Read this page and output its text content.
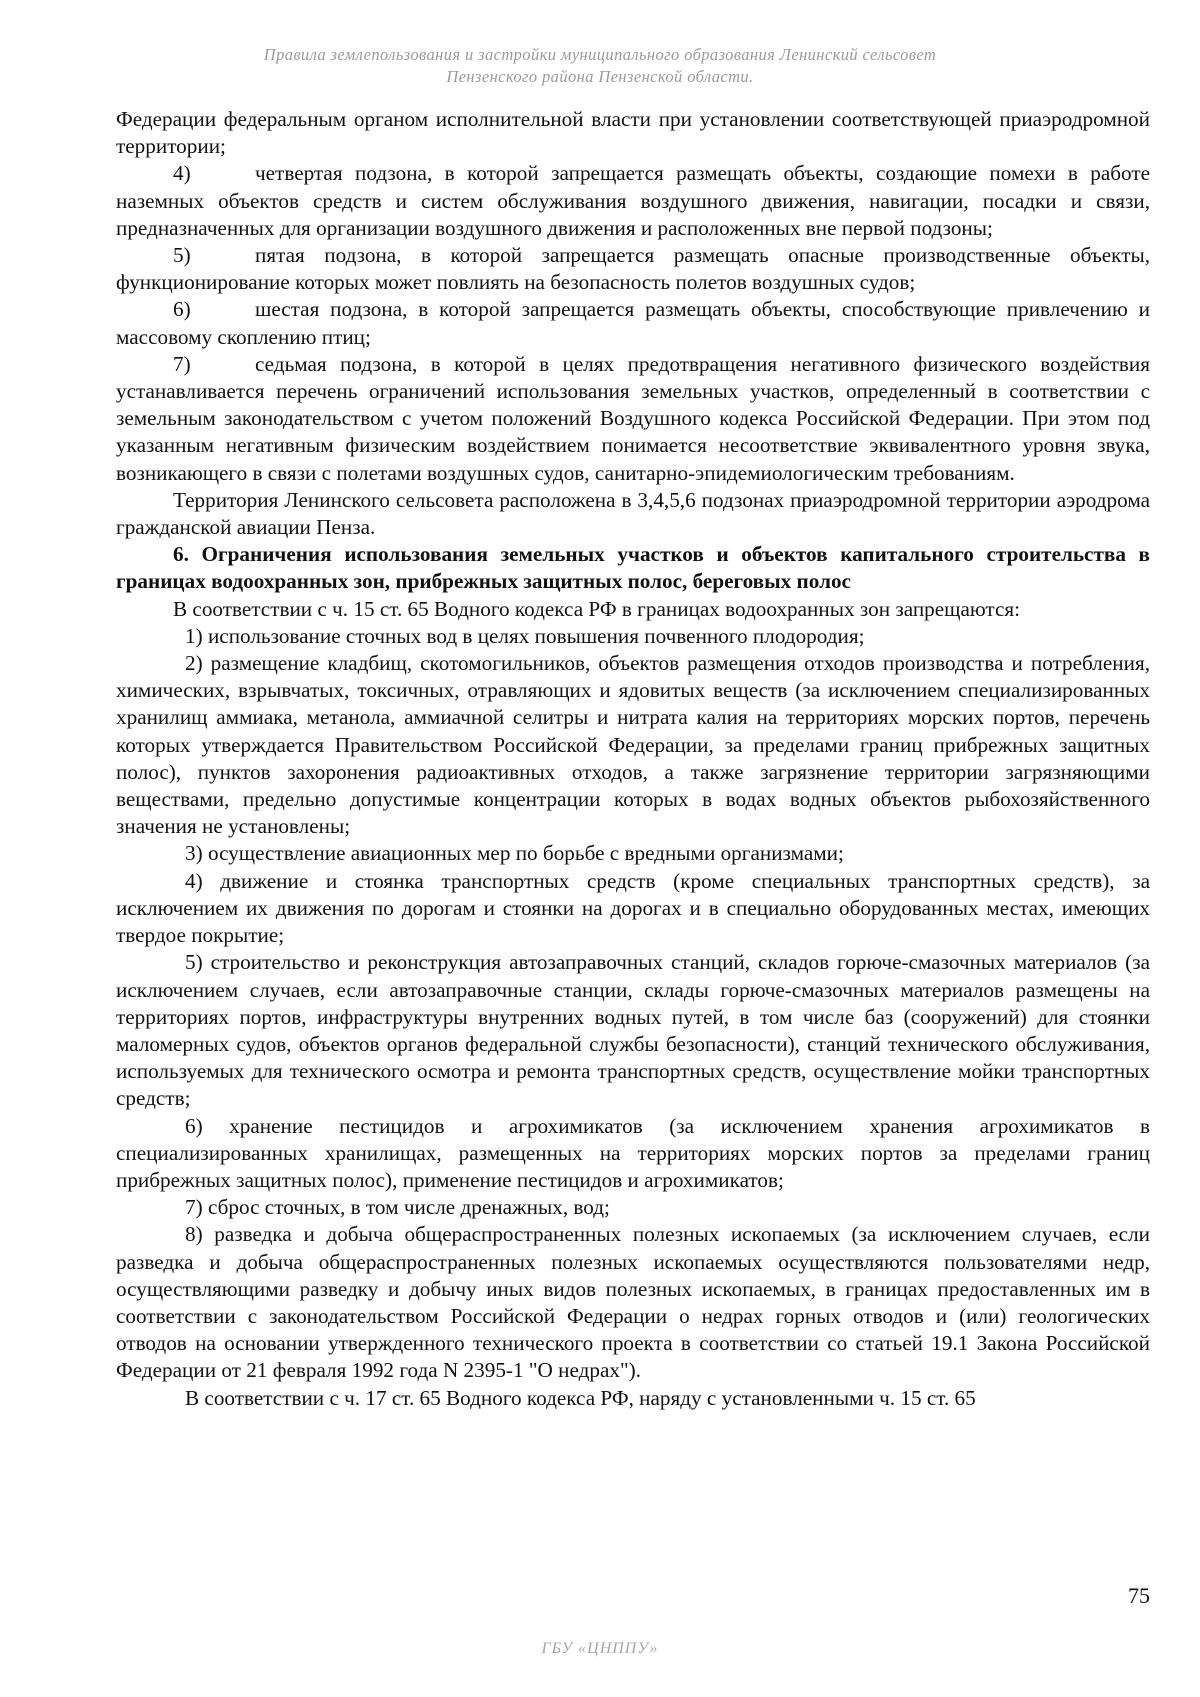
Правила землепользования и застройки муниципального образования Ленинский сельсовет
Пензенского района Пензенской области.

Федерации федеральным органом исполнительной власти при установлении соответствующей приаэродромной территории;

4)	четвертая подзона, в которой запрещается размещать объекты, создающие помехи в работе наземных объектов средств и систем обслуживания воздушного движения, навигации, посадки и связи, предназначенных для организации воздушного движения и расположенных вне первой подзоны;

5)	пятая подзона, в которой запрещается размещать опасные производственные объекты, функционирование которых может повлиять на безопасность полетов воздушных судов;

6)	шестая подзона, в которой запрещается размещать объекты, способствующие привлечению и массовому скоплению птиц;

7)	седьмая подзона, в которой в целях предотвращения негативного физического воздействия устанавливается перечень ограничений использования земельных участков, определенный в соответствии с земельным законодательством с учетом положений Воздушного кодекса Российской Федерации. При этом под указанным негативным физическим воздействием понимается несоответствие эквивалентного уровня звука, возникающего в связи с полетами воздушных судов, санитарно-эпидемиологическим требованиям.

Территория Ленинского сельсовета расположена в 3,4,5,6 подзонах приаэродромной территории аэродрома гражданской авиации Пенза.

6. Ограничения использования земельных участков и объектов капитального строительства в границах водоохранных зон, прибрежных защитных полос, береговых полос

В соответствии с ч. 15 ст. 65 Водного кодекса РФ в границах водоохранных зон запрещаются:

1) использование сточных вод в целях повышения почвенного плодородия;

2) размещение кладбищ, скотомогильников, объектов размещения отходов производства и потребления, химических, взрывчатых, токсичных, отравляющих и ядовитых веществ (за исключением специализированных хранилищ аммиака, метанола, аммиачной селитры и нитрата калия на территориях морских портов, перечень которых утверждается Правительством Российской Федерации, за пределами границ прибрежных защитных полос), пунктов захоронения радиоактивных отходов, а также загрязнение территории загрязняющими веществами, предельно допустимые концентрации которых в водах водных объектов рыбохозяйственного значения не установлены;

3) осуществление авиационных мер по борьбе с вредными организмами;

4) движение и стоянка транспортных средств (кроме специальных транспортных средств), за исключением их движения по дорогам и стоянки на дорогах и в специально оборудованных местах, имеющих твердое покрытие;

5) строительство и реконструкция автозаправочных станций, складов горюче-смазочных материалов (за исключением случаев, если автозаправочные станции, склады горюче-смазочных материалов размещены на территориях портов, инфраструктуры внутренних водных путей, в том числе баз (сооружений) для стоянки маломерных судов, объектов органов федеральной службы безопасности), станций технического обслуживания, используемых для технического осмотра и ремонта транспортных средств, осуществление мойки транспортных средств;

6) хранение пестицидов и агрохимикатов (за исключением хранения агрохимикатов в специализированных хранилищах, размещенных на территориях морских портов за пределами границ прибрежных защитных полос), применение пестицидов и агрохимикатов;

7) сброс сточных, в том числе дренажных, вод;

8) разведка и добыча общераспространенных полезных ископаемых (за исключением случаев, если разведка и добыча общераспространенных полезных ископаемых осуществляются пользователями недр, осуществляющими разведку и добычу иных видов полезных ископаемых, в границах предоставленных им в соответствии с законодательством Российской Федерации о недрах горных отводов и (или) геологических отводов на основании утвержденного технического проекта в соответствии со статьей 19.1 Закона Российской Федерации от 21 февраля 1992 года N 2395-1 "О недрах").

В соответствии с ч. 17 ст. 65 Водного кодекса РФ, наряду с установленными ч. 15 ст. 65

75
ГБУ «ЦНППУ»
